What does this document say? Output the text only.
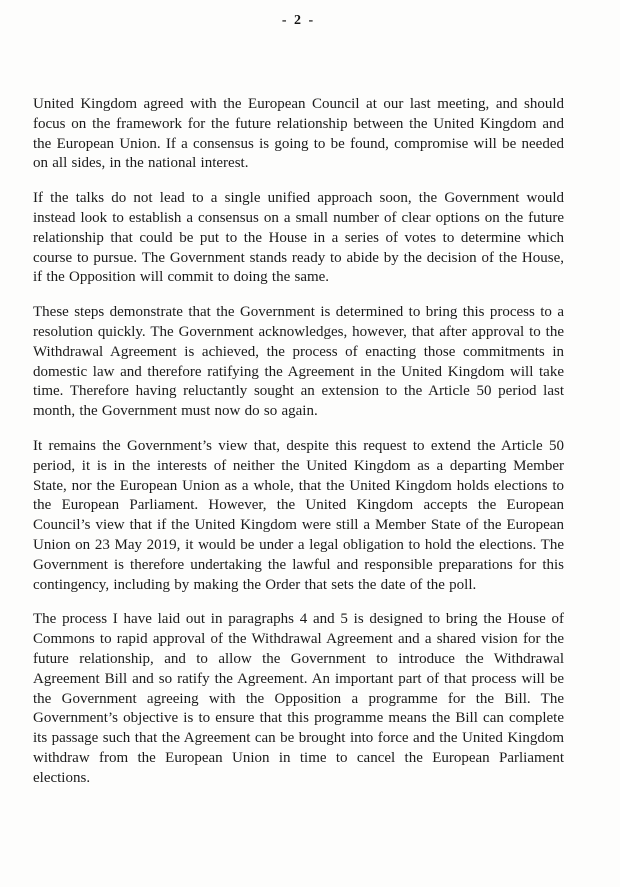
- 2 -

United Kingdom agreed with the European Council at our last meeting, and should focus on the framework for the future relationship between the United Kingdom and the European Union. If a consensus is going to be found, compromise will be needed on all sides, in the national interest.

If the talks do not lead to a single unified approach soon, the Government would instead look to establish a consensus on a small number of clear options on the future relationship that could be put to the House in a series of votes to determine which course to pursue. The Government stands ready to abide by the decision of the House, if the Opposition will commit to doing the same.

These steps demonstrate that the Government is determined to bring this process to a resolution quickly. The Government acknowledges, however, that after approval to the Withdrawal Agreement is achieved, the process of enacting those commitments in domestic law and therefore ratifying the Agreement in the United Kingdom will take time. Therefore having reluctantly sought an extension to the Article 50 period last month, the Government must now do so again.

It remains the Government’s view that, despite this request to extend the Article 50 period, it is in the interests of neither the United Kingdom as a departing Member State, nor the European Union as a whole, that the United Kingdom holds elections to the European Parliament. However, the United Kingdom accepts the European Council’s view that if the United Kingdom were still a Member State of the European Union on 23 May 2019, it would be under a legal obligation to hold the elections. The Government is therefore undertaking the lawful and responsible preparations for this contingency, including by making the Order that sets the date of the poll.

The process I have laid out in paragraphs 4 and 5 is designed to bring the House of Commons to rapid approval of the Withdrawal Agreement and a shared vision for the future relationship, and to allow the Government to introduce the Withdrawal Agreement Bill and so ratify the Agreement. An important part of that process will be the Government agreeing with the Opposition a programme for the Bill. The Government’s objective is to ensure that this programme means the Bill can complete its passage such that the Agreement can be brought into force and the United Kingdom withdraw from the European Union in time to cancel the European Parliament elections.
